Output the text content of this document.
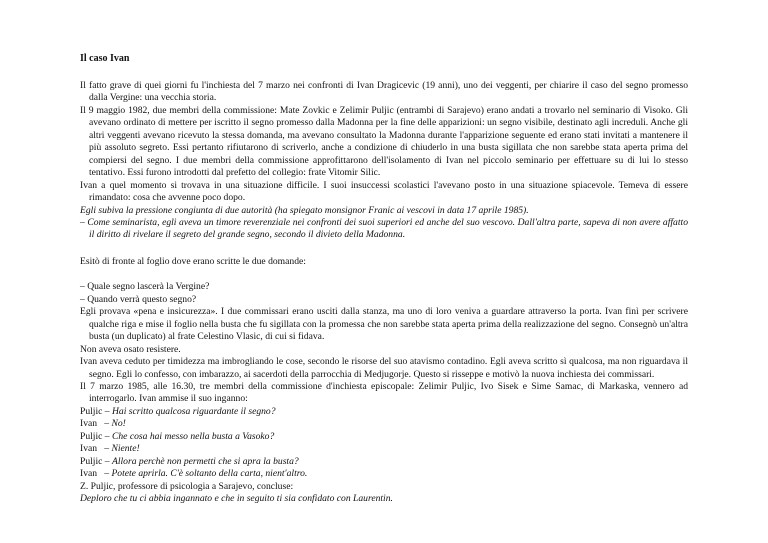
Il caso Ivan

Il fatto grave di quei giorni fu l'inchiesta del 7 marzo nei confronti di Ivan Dragicevic (19 anni), uno dei veggenti, per chiarire il caso del segno promesso dalla Vergine: una vecchia storia.

Il 9 maggio 1982, due membri della commissione: Mate Zovkic e Zelimir Puljic (entrambi di Sarajevo) erano andati a trovarlo nel seminario di Visoko. Gli avevano ordinato di mettere per iscritto il segno promesso dalla Madonna per la fine delle apparizioni: un segno visibile, destinato agli increduli. Anche gli altri veggenti avevano ricevuto la stessa domanda, ma avevano consultato la Madonna durante l'apparizione seguente ed erano stati invitati a mantenere il più assoluto segreto. Essi pertanto rifiutarono di scriverlo, anche a condizione di chiuderlo in una busta sigillata che non sarebbe stata aperta prima del compiersi del segno. I due membri della commissione approfittarono dell'isolamento di Ivan nel piccolo seminario per effettuare su di lui lo stesso tentativo. Essi furono introdotti dal prefetto del collegio: frate Vitomir Silic.

Ivan a quel momento si trovava in una situazione difficile. I suoi insuccessi scolastici l'avevano posto in una situazione spiacevole. Temeva di essere rimandato: cosa che avvenne poco dopo.

Egli subiva la pressione congiunta di due autorità (ha spiegato monsignor Franic ai vescovi in data 17 aprile 1985).

– Come seminarista, egli aveva un timore reverenziale nei confronti dei suoi superiori ed anche del suo vescovo. Dall'altra parte, sapeva di non avere affatto il diritto di rivelare il segreto del grande segno, secondo il divieto della Madonna.

Esitò di fronte al foglio dove erano scritte le due domande:

– Quale segno lascerà la Vergine?

– Quando verrà questo segno?

Egli provava «pena e insicurezza». I due commissari erano usciti dalla stanza, ma uno di loro veniva a guardare attraverso la porta. Ivan finì per scrivere qualche riga e mise il foglio nella busta che fu sigillata con la promessa che non sarebbe stata aperta prima della realizzazione del segno. Consegnò un'altra busta (un duplicato) al frate Celestino Vlasic, di cui si fidava.

Non aveva osato resistere.

Ivan aveva ceduto per timidezza ma imbrogliando le cose, secondo le risorse del suo atavismo contadino. Egli aveva scritto sì qualcosa, ma non riguardava il segno. Egli lo confesso, con imbarazzo, ai sacerdoti della parrocchia di Medjugorje. Questo si risseppe e motivò la nuova inchiesta dei commissari.

Il 7 marzo 1985, alle 16.30, tre membri della commissione d'inchiesta episcopale: Zelimir Puljic, Ivo Sisek e Sime Samac, di Markaska, vennero ad interrogarlo. Ivan ammise il suo inganno:

Puljic – Hai scritto qualcosa riguardante il segno?

Ivan   – No!

Puljic – Che cosa hai messo nella busta a Vasoko?

Ivan   – Niente!

Puljic – Allora perchè non permetti che si apra la busta?

Ivan   – Potete aprirla. C'è soltanto della carta, nient'altro.

Z. Puljic, professore di psicologia a Sarajevo, concluse:

Deploro che tu ci abbia ingannato e che in seguito ti sia confidato con Laurentin.
